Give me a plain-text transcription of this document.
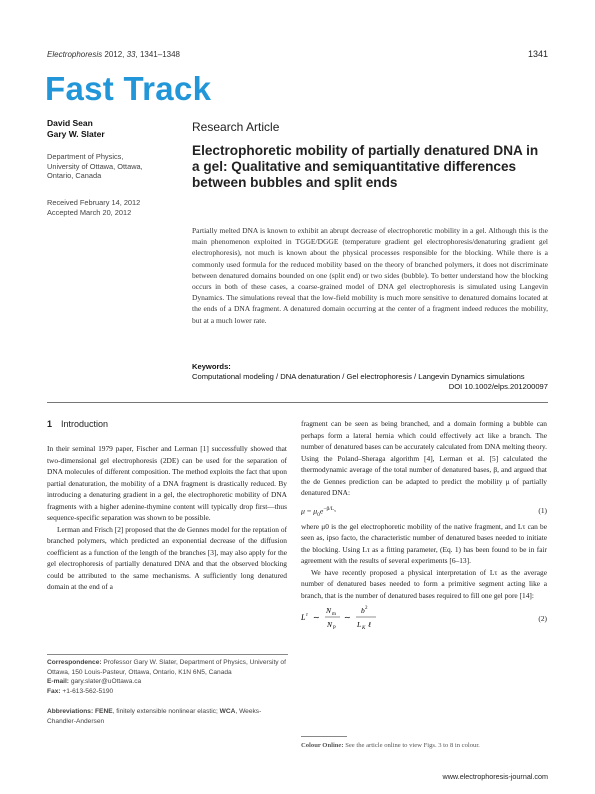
Electrophoresis 2012, 33, 1341–1348	1341
Fast Track
David Sean
Gary W. Slater
Department of Physics,
University of Ottawa, Ottawa,
Ontario, Canada
Received February 14, 2012
Accepted March 20, 2012
Research Article
Electrophoretic mobility of partially denatured DNA in a gel: Qualitative and semiquantitative differences between bubbles and split ends
Partially melted DNA is known to exhibit an abrupt decrease of electrophoretic mobility in a gel. Although this is the main phenomenon exploited in TGGE/DGGE (temperature gradient gel electrophoresis/denaturing gradient gel electrophoresis), not much is known about the physical processes responsible for the blocking. While there is a commonly used formula for the reduced mobility based on the theory of branched polymers, it does not discriminate between denatured domains bounded on one (split end) or two sides (bubble). To better understand how the blocking occurs in both of these cases, a coarse-grained model of DNA gel electrophoresis is simulated using Langevin Dynamics. The simulations reveal that the low-field mobility is much more sensitive to denatured domains located at the ends of a DNA fragment. A denatured domain occurring at the center of a fragment indeed reduces the mobility, but at a much lower rate.
Keywords:
Computational modeling / DNA denaturation / Gel electrophoresis / Langevin Dynamics simulations
DOI 10.1002/elps.201200097
1 Introduction

In their seminal 1979 paper, Fischer and Lerman [1] successfully showed that two-dimensional gel electrophoresis (2DE) can be used for the separation of DNA molecules of different composition. The method exploits the fact that upon partial denaturation, the mobility of a DNA fragment is drastically reduced. By introducing a denaturing gradient in a gel, the electrophoretic mobility of DNA fragments with a higher adenine-thymine content will typically drop first—thus sequence-specific separation was shown to be possible.

Lerman and Frisch [2] proposed that the de Gennes model for the reptation of branched polymers, which predicted an exponential decrease of the diffusion coefficient as a function of the length of the branches [3], may also apply for the gel electrophoresis of partially denatured DNA and that the observed blocking could be attributed to the same mechanisms. A sufficiently long denatured domain at the end of a

fragment can be seen as being branched, and a domain forming a bubble can perhaps form a lateral hernia which could effectively act like a branch. The number of denatured bases can be accurately calculated from DNA melting theory. Using the Poland–Sheraga algorithm [4], Lerman et al. [5] calculated the thermodynamic average of the total number of denatured bases, β, and argued that the de Gennes prediction can be adapted to predict the mobility μ of partially denatured DNA:

$\mu = \mu_0e^{-\beta/L_\tau}$	(1)

where μ0 is the gel electrophoretic mobility of the native fragment, and Lτ can be seen as, ipso facto, the characteristic number of denatured bases needed to initiate the blocking. Using Lτ as a fitting parameter, (Eq. 1) has been found to be in fair agreement with the results of several experiments [6–13].

We have recently proposed a physical interpretation of Lτ as the average number of denatured bases needed to form a primitive segment acting like a branch, that is the number of denatured bases required to fill one gel pore [14]:

L τ ∼
N m
N P
∼
b 2
L K ℓ
(2)
Correspondence: Professor Gary W. Slater, Department of Physics, University of Ottawa, 150 Louis-Pasteur, Ottawa, Ontario, K1N 6N5, Canada
E-mail: gary.slater@uOttawa.ca
Fax: +1-613-562-5190
Abbreviations: FENE, finitely extensible nonlinear elastic; WCA, Weeks-Chandler-Andersen
Colour Online: See the article online to view Figs. 3 to 8 in colour.
www.electrophoresis-journal.com
